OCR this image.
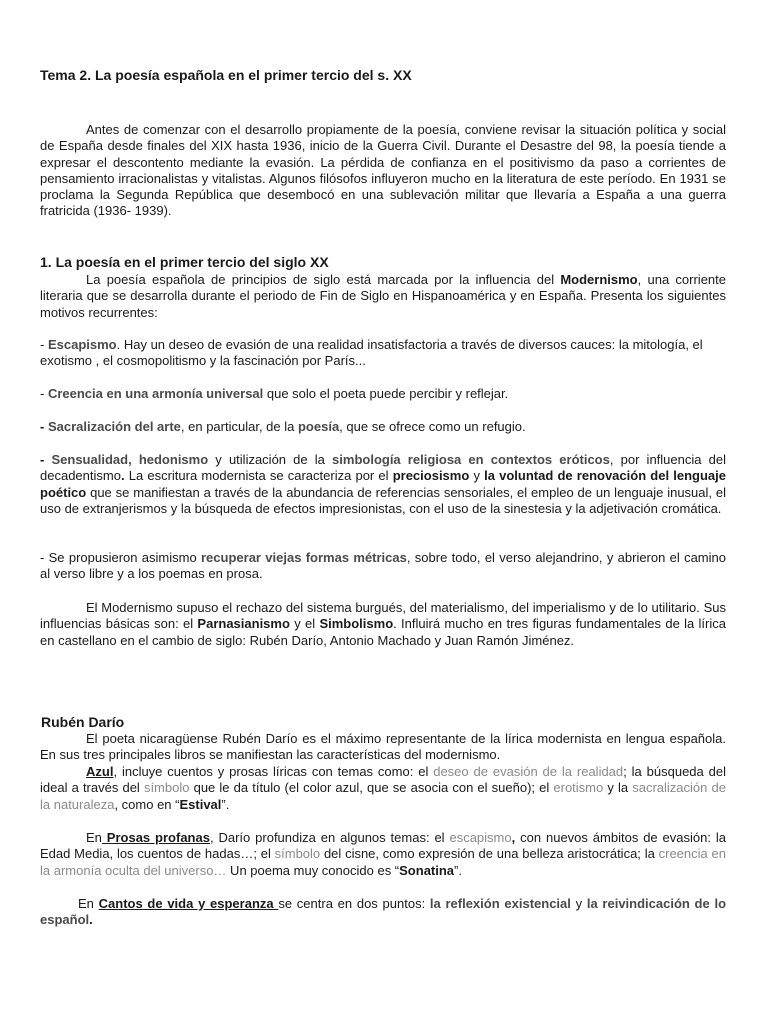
Tema 2. La poesía española en el primer tercio del s. XX

Antes de comenzar con el desarrollo propiamente de la poesía, conviene revisar la situación política y social de España desde finales del XIX hasta 1936, inicio de la Guerra Civil. Durante el Desastre del 98, la poesía tiende a expresar el descontento mediante la evasión. La pérdida de confianza en el positivismo da paso a corrientes de pensamiento irracionalistas y vitalistas. Algunos filósofos influyeron mucho en la literatura de este período. En 1931 se proclama la Segunda República que desembocó en una sublevación militar que llevaría a España a una guerra fratricida (1936- 1939).

1. La poesía en el primer tercio del siglo XX

La poesía española de principios de siglo está marcada por la influencia del Modernismo, una corriente literaria que se desarrolla durante el periodo de Fin de Siglo en Hispanoamérica y en España. Presenta los siguientes motivos recurrentes:

- Escapismo. Hay un deseo de evasión de una realidad insatisfactoria a través de diversos cauces: la mitología, el exotismo , el cosmopolitismo y la fascinación por París...

- Creencia en una armonía universal que solo el poeta puede percibir y reflejar.

- Sacralización del arte, en particular, de la poesía, que se ofrece como un refugio.

- Sensualidad, hedonismo y utilización de la simbología religiosa en contextos eróticos, por influencia del decadentismo. La escritura modernista se caracteriza por el preciosismo y la voluntad de renovación del lenguaje poético que se manifiestan a través de la abundancia de referencias sensoriales, el empleo de un lenguaje inusual, el uso de extranjerismos y la búsqueda de efectos impresionistas, con el uso de la sinestesia y la adjetivación cromática.

- Se propusieron asimismo recuperar viejas formas métricas, sobre todo, el verso alejandrino, y abrieron el camino al verso libre y a los poemas en prosa.

El Modernismo supuso el rechazo del sistema burgués, del materialismo, del imperialismo y de lo utilitario. Sus influencias básicas son: el Parnasianismo y el Simbolismo. Influirá mucho en tres figuras fundamentales de la lírica en castellano en el cambio de siglo: Rubén Darío, Antonio Machado y Juan Ramón Jiménez.

Rubén Darío

El poeta nicaragüense Rubén Darío es el máximo representante de la lírica modernista en lengua española. En sus tres principales libros se manifiestan las características del modernismo.

Azul, incluye cuentos y prosas líricas con temas como: el deseo de evasión de la realidad; la búsqueda del ideal a través del símbolo que le da título (el color azul, que se asocia con el sueño); el erotismo y la sacralización de la naturaleza, como en “Estival”.

En Prosas profanas, Darío profundiza en algunos temas: el escapismo, con nuevos ámbitos de evasión: la Edad Media, los cuentos de hadas…; el símbolo del cisne, como expresión de una belleza aristocrática; la creencia en la armonía oculta del universo… Un poema muy conocido es “Sonatina”.

En Cantos de vida y esperanza se centra en dos puntos: la reflexión existencial y la reivindicación de lo español.
